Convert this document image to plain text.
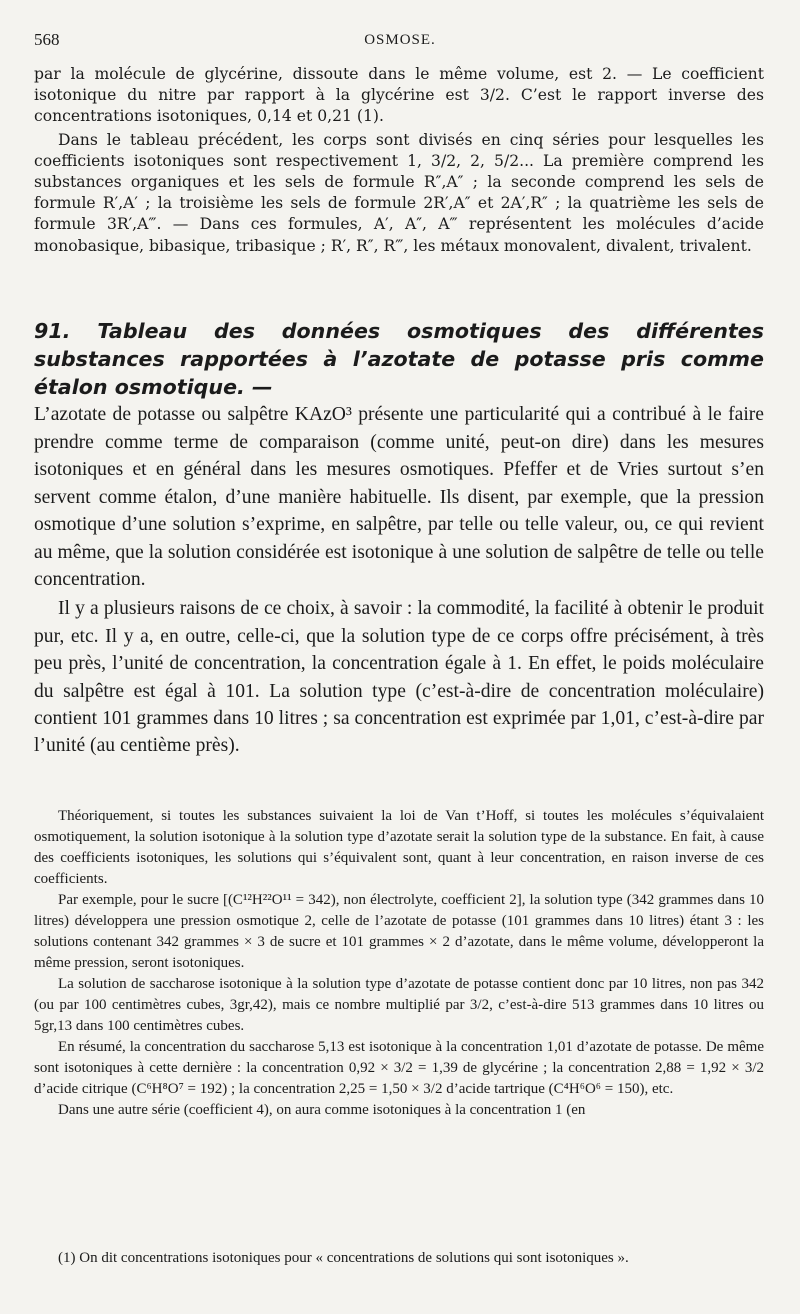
568	OSMOSE.

par la molécule de glycérine, dissoute dans le même volume, est 2. — Le coefficient isotonique du nitre par rapport à la glycérine est 3/2. C’est le rapport inverse des concentrations isotoniques, 0,14 et 0,21 (1).

Dans le tableau précédent, les corps sont divisés en cinq séries pour lesquelles les coefficients isotoniques sont respectivement 1, 3/2, 2, 5/2... La première comprend les substances organiques et les sels de formule R″,A″ ; la seconde comprend les sels de formule R′,A′ ; la troisième les sels de formule 2R′,A″ et 2A′,R″ ; la quatrième les sels de formule 3R′,A‴. — Dans ces formules, A′, A″, A‴ représentent les molécules d’acide monobasique, bibasique, tribasique ; R′, R″, R‴, les métaux monovalent, divalent, trivalent.

91. Tableau des données osmotiques des différentes substances rapportées à l’azotate de potasse pris comme étalon osmotique. —

L’azotate de potasse ou salpêtre KAzO³ présente une particularité qui a contribué à le faire prendre comme terme de comparaison (comme unité, peut-on dire) dans les mesures isotoniques et en général dans les mesures osmotiques. Pfeffer et de Vries surtout s’en servent comme étalon, d’une manière habituelle. Ils disent, par exemple, que la pression osmotique d’une solution s’exprime, en salpêtre, par telle ou telle valeur, ou, ce qui revient au même, que la solution considérée est isotonique à une solution de salpêtre de telle ou telle concentration.

Il y a plusieurs raisons de ce choix, à savoir : la commodité, la facilité à obtenir le produit pur, etc. Il y a, en outre, celle-ci, que la solution type de ce corps offre précisément, à très peu près, l’unité de concentration, la concentration égale à 1. En effet, le poids moléculaire du salpêtre est égal à 101. La solution type (c’est-à-dire de concentration moléculaire) contient 101 grammes dans 10 litres ; sa concentration est exprimée par 1,01, c’est-à-dire par l’unité (au centième près).

Théoriquement, si toutes les substances suivaient la loi de Van t’Hoff, si toutes les molécules s’équivalaient osmotiquement, la solution isotonique à la solution type d’azotate serait la solution type de la substance. En fait, à cause des coefficients isotoniques, les solutions qui s’équivalent sont, quant à leur concentration, en raison inverse de ces coefficients.

Par exemple, pour le sucre [(C¹²H²²O¹¹ = 342), non électrolyte, coefficient 2], la solution type (342 grammes dans 10 litres) développera une pression osmotique 2, celle de l’azotate de potasse (101 grammes dans 10 litres) étant 3 : les solutions contenant 342 grammes × 3 de sucre et 101 grammes × 2 d’azotate, dans le même volume, développeront la même pression, seront isotoniques.

La solution de saccharose isotonique à la solution type d’azotate de potasse contient donc par 10 litres, non pas 342 (ou par 100 centimètres cubes, 3gr,42), mais ce nombre multiplié par 3/2, c’est-à-dire 513 grammes dans 10 litres ou 5gr,13 dans 100 centimètres cubes.

En résumé, la concentration du saccharose 5,13 est isotonique à la concentration 1,01 d’azotate de potasse. De même sont isotoniques à cette dernière : la concentration 0,92 × 3/2 = 1,39 de glycérine ; la concentration 2,88 = 1,92 × 3/2 d’acide citrique (C⁶H⁸O⁷ = 192) ; la concentration 2,25 = 1,50 × 3/2 d’acide tartrique (C⁴H⁶O⁶ = 150), etc.

Dans une autre série (coefficient 4), on aura comme isotoniques à la concentration 1 (en

(1) On dit concentrations isotoniques pour « concentrations de solutions qui sont isotoniques ».
